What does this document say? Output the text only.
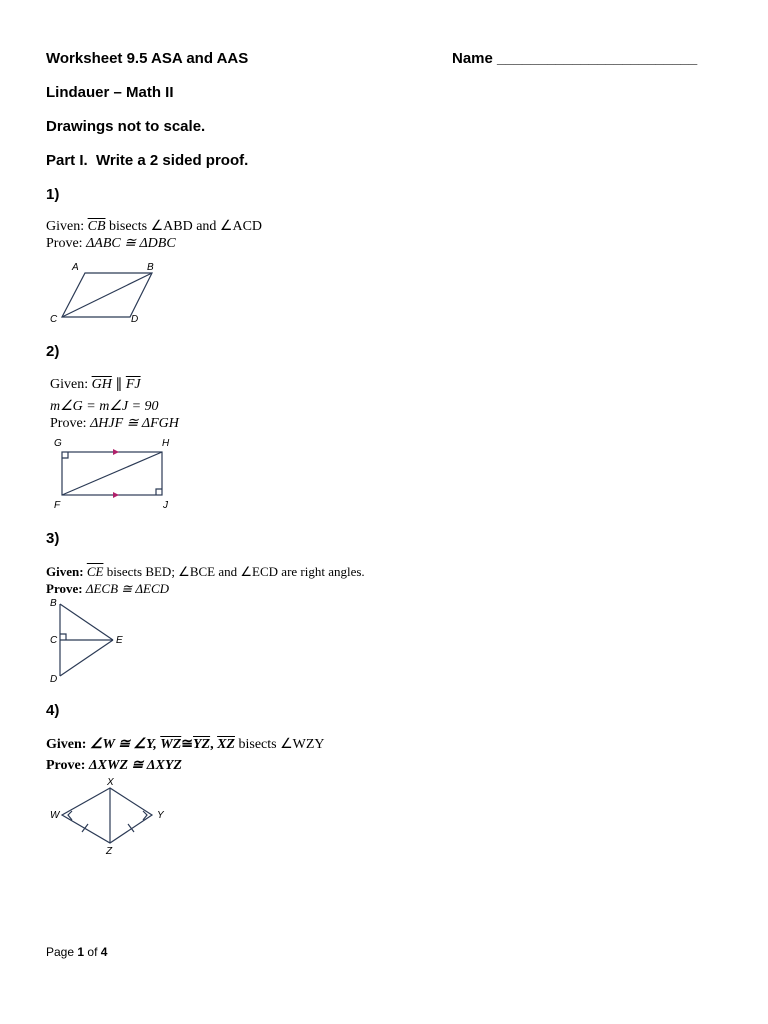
Worksheet 9.5 ASA and AAS	Name ________________________
Lindauer – Math II
Drawings not to scale.
Part I.  Write a 2 sided proof.
1)
Given: $\overline{CB}$ bisects ∠ABD and ∠ACD
Prove: ΔABC ≅ ΔDBC
A	B
C	D
2)
Given: $\overline{GH}$ ∥ $\overline{FJ}$
m∠G = m∠J = 90
Prove: ΔHJF ≅ ΔFGH
G	H
F	J
3)
Given: $\overline{CE}$ bisects BED; ∠BCE and ∠ECD are right angles.
Prove: ΔECB ≅ ΔECD
B
C	E
D
4)
Given: ∠W ≅ ∠Y, $\overline{WZ}≅\overline{YZ}$, $\overline{XZ}$ bisects ∠WZY
Prove: ΔXWZ ≅ ΔXYZ
X
W	Y
Z
Page 1 of 4
